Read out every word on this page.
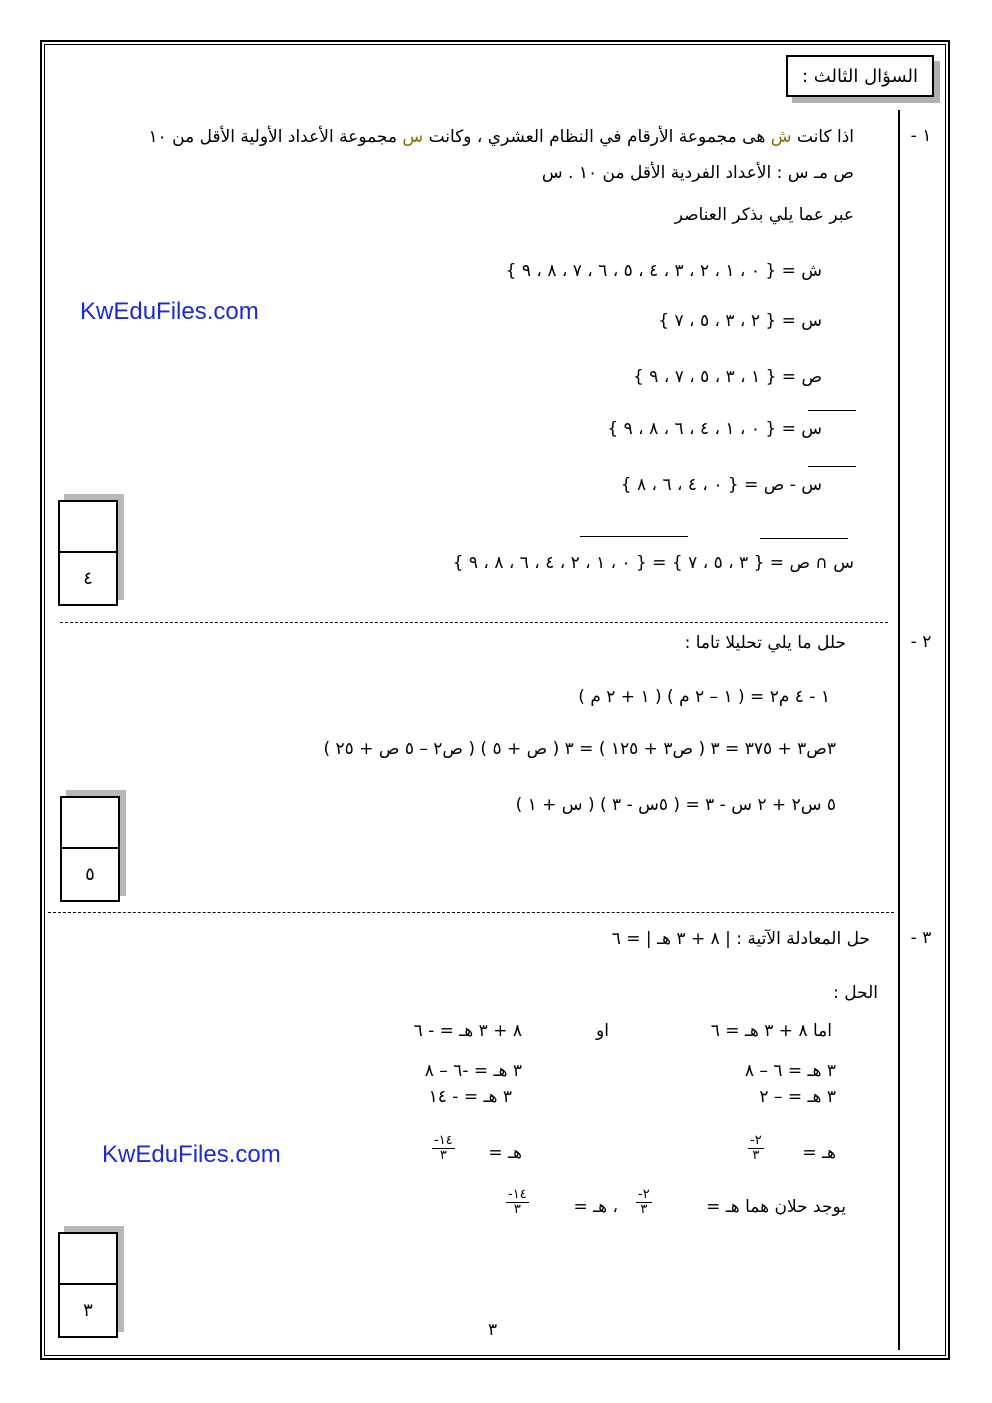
السؤال الثالث :
١ -
اذا كانت ش هى مجموعة الأرقام في النظام العشري ، وكانت س مجموعة الأعداد الأولية الأقل من ١٠
ص مـ س : الأعداد الفردية الأقل من ١٠ . س
عبر عما يلي بذكر العناصر
ش = { ٠ ، ١ ، ٢ ، ٣ ، ٤ ، ٥ ، ٦ ، ٧ ، ٨ ، ٩ }
س = { ٢ ، ٣ ، ٥ ، ٧ }
ص = { ١ ، ٣ ، ٥ ، ٧ ، ٩ }
س = { ٠ ، ١ ، ٤ ، ٦ ، ٨ ، ٩ }
س - ص = { ٠ ، ٤ ، ٦ ، ٨ }
س ∩ ص = { ٣ ، ٥ ، ٧ } = { ٠ ، ١ ، ٢ ، ٤ ، ٦ ، ٨ ، ٩ }
KwEduFiles.com
٤
٢ -
حلل ما يلي تحليلا تاما :
١ - ٤ م٢ = ( ١ – ٢ م ) ( ١ + ٢ م )
٣ص٣ + ٣٧٥ = ٣ ( ص٣ + ١٢٥ ) = ٣ ( ص + ٥ ) ( ص٢ – ٥ ص + ٢٥ )
٥ س٢ + ٢ س - ٣ = ( ٥س - ٣ ) ( س + ١ )
٥
٣ -
حل المعادلة الآتية : | ٨ + ٣ هـ | = ٦
الحل :
اما ٨ + ٣ هـ = ٦
او
٨ + ٣ هـ = - ٦
٣ هـ = ٦ – ٨
٣ هـ = -٦ – ٨
٣ هـ = – ٢
٣ هـ = - ١٤
هـ =
-٢
٣
هـ =
-١٤
٣
KwEduFiles.com
يوجد حلان هما هـ =
-٢
٣
، هـ =
-١٤
٣
٣
٣
